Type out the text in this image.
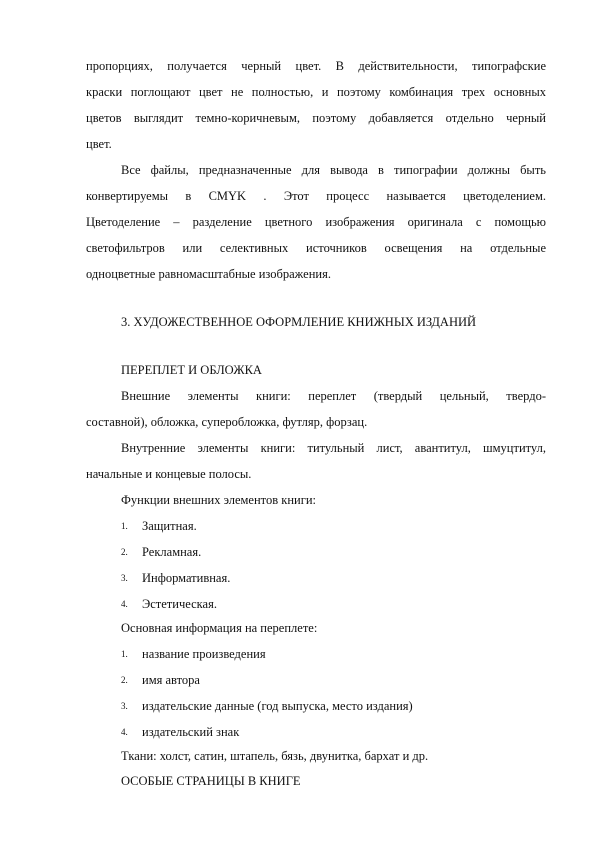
пропорциях, получается черный цвет. В действительности, типографские
краски поглощают цвет не полностью, и поэтому комбинация трех основных
цветов выглядит темно-коричневым, поэтому добавляется отдельно черный
цвет.
Все файлы, предназначенные для вывода в типографии должны быть
конвертируемы в CMYK . Этот процесс называется цветоделением.
Цветоделение – разделение цветного изображения оригинала с помощью
светофильтров или селективных источников освещения на отдельные
одноцветные равномасштабные изображения.
3. ХУДОЖЕСТВЕННОЕ ОФОРМЛЕНИЕ КНИЖНЫХ ИЗДАНИЙ
ПЕРЕПЛЕТ И ОБЛОЖКА
Внешние элементы книги: переплет (твердый цельный, твердо-
составной), обложка, суперобложка, футляр, форзац.
Внутренние элементы книги: титульный лист, авантитул, шмуцтитул,
начальные и концевые полосы.
Функции внешних элементов книги:
1. Защитная.
2. Рекламная.
3. Информативная.
4. Эстетическая.
Основная информация на переплете:
1. название произведения
2. имя автора
3. издательские данные (год выпуска, место издания)
4. издательский знак
Ткани: холст, сатин, штапель, бязь, двунитка, бархат и др.
ОСОБЫЕ СТРАНИЦЫ В КНИГЕ
